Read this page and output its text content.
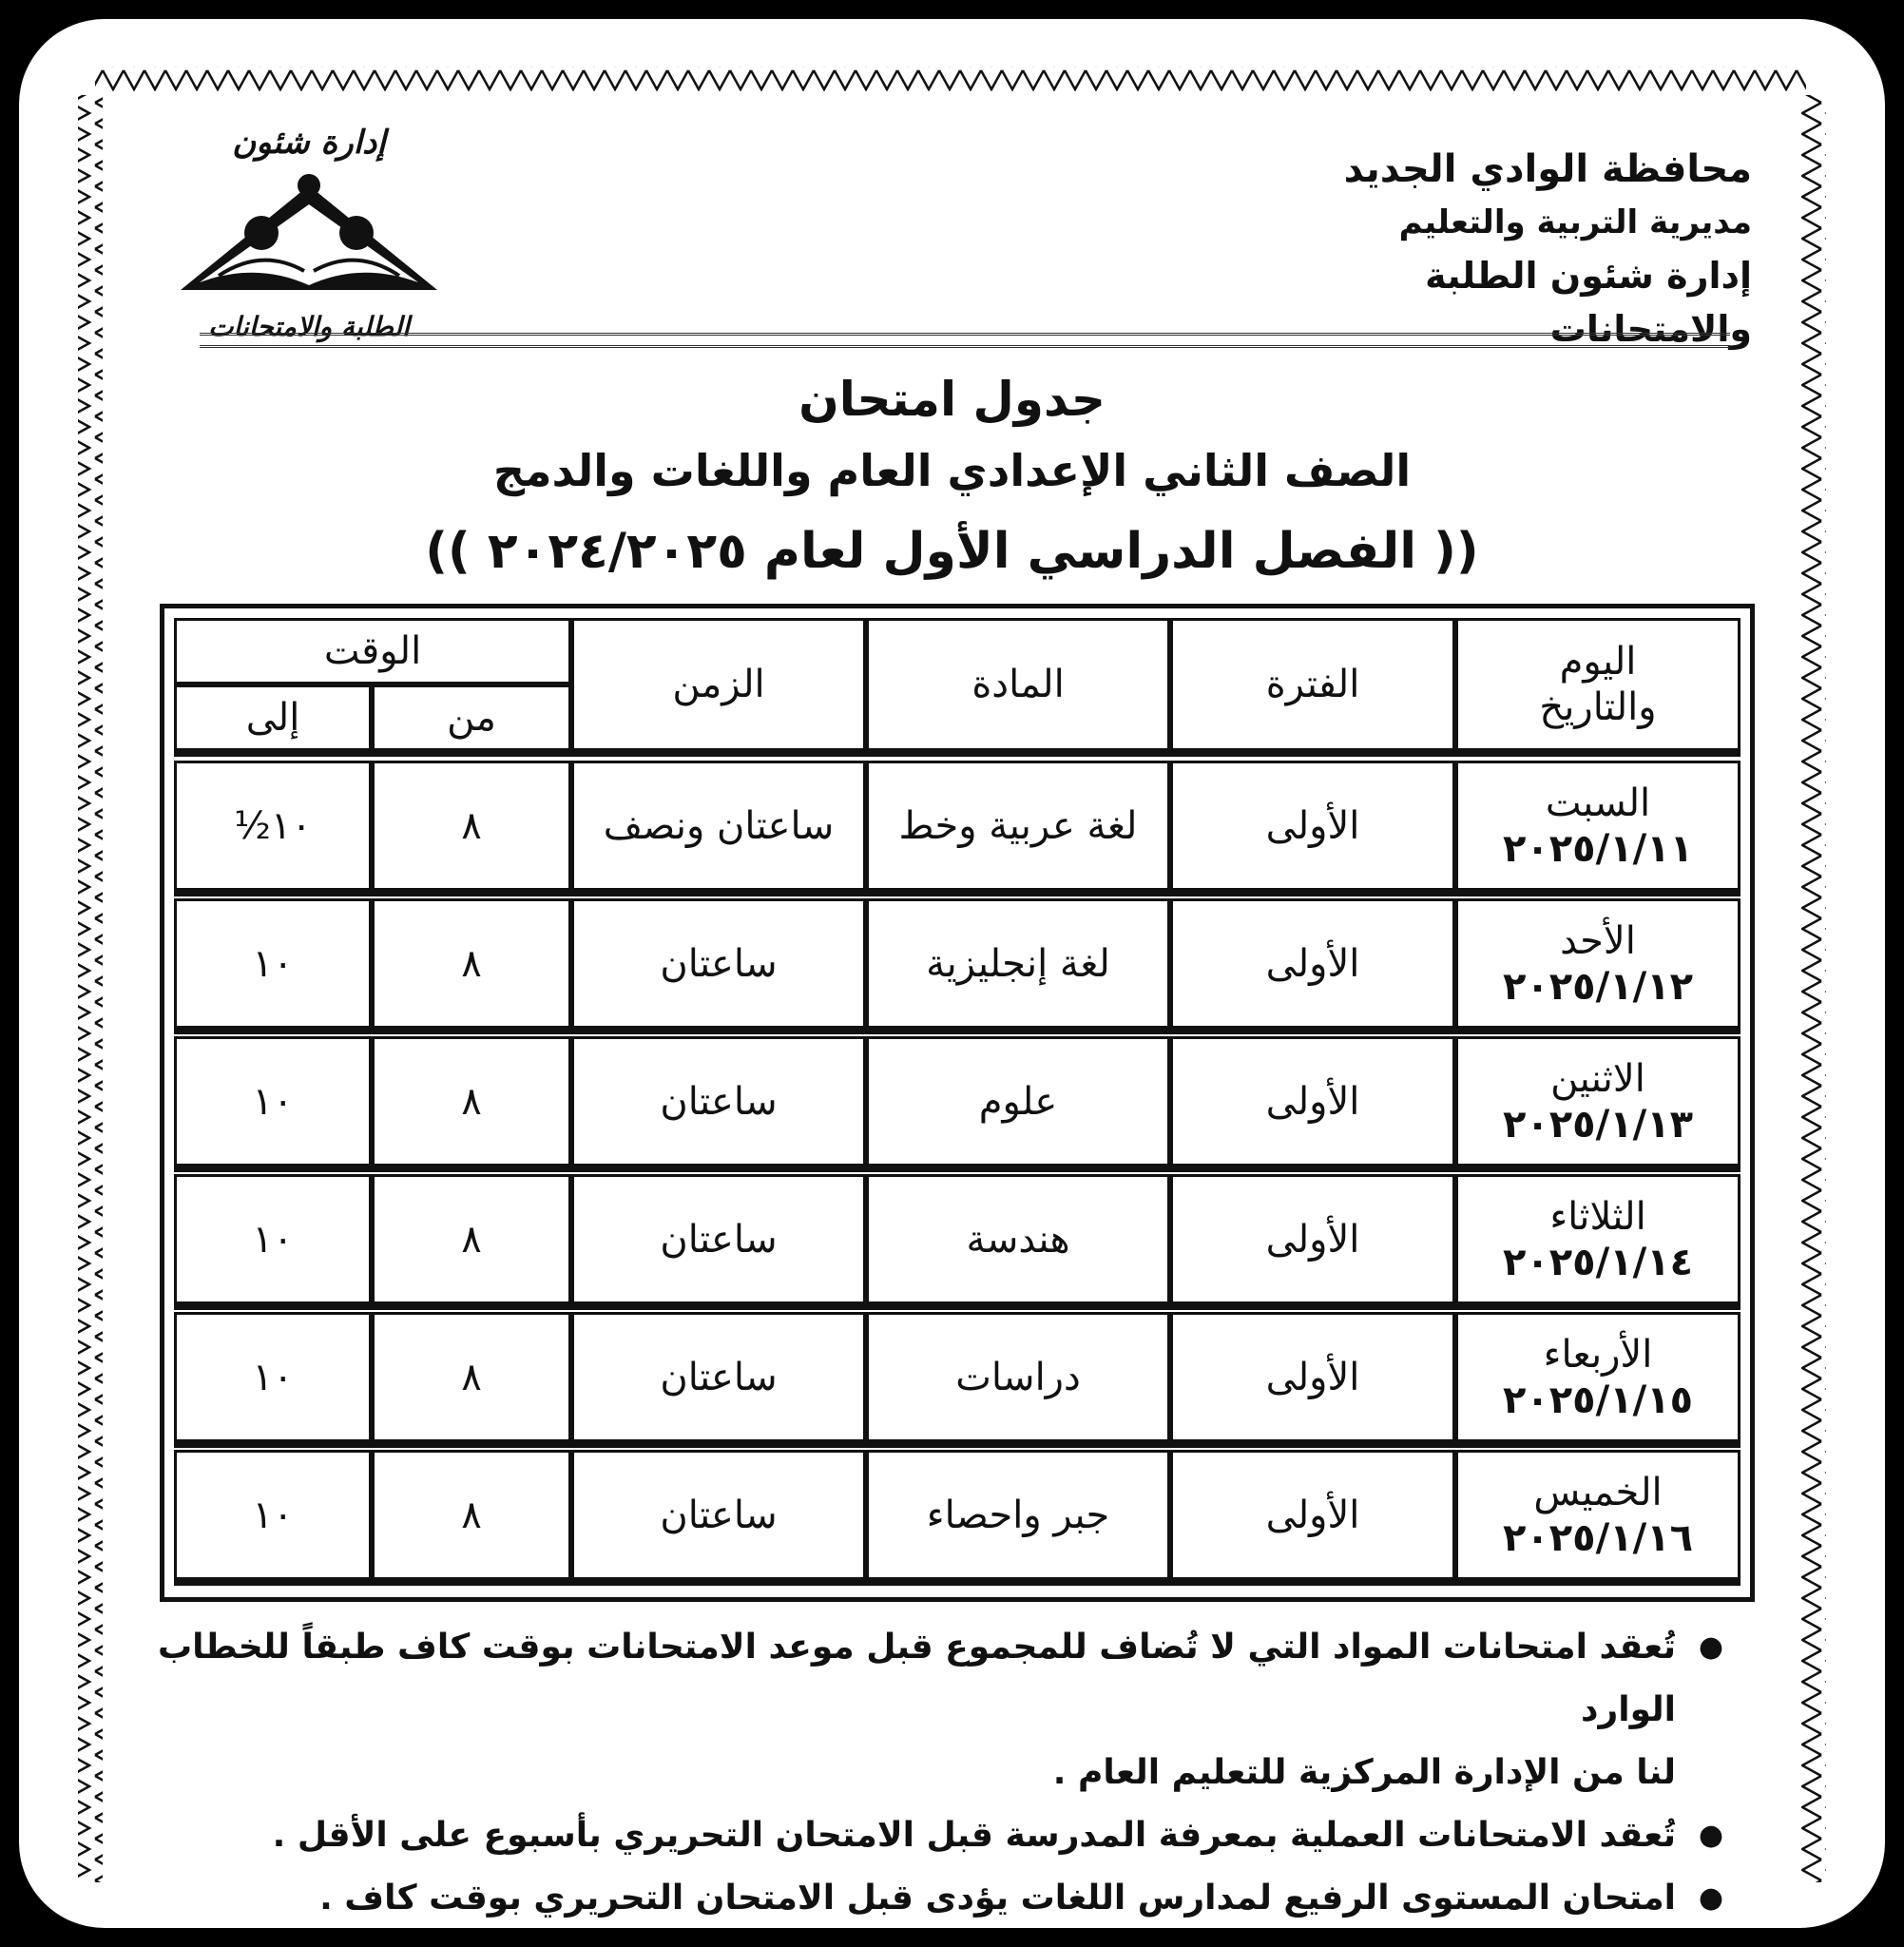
محافظة الوادي الجديد
مديرية التربية والتعليم
إدارة شئون الطلبة والامتحانات
إدارة شئون
الطلبة والامتحانات
جدول امتحان
الصف الثاني الإعدادي العام واللغات والدمج
(( الفصل الدراسي الأول لعام ٢٠٢٤/٢٠٢٥ ))
اليوم
والتاريخ
الفترة
المادة
الزمن
الوقت
من
إلى
السبت
٢٠٢٥/١/١١
الأولى
لغة عربية وخط
ساعتان ونصف
٨
١٠½
الأحد
٢٠٢٥/١/١٢
الأولى
لغة إنجليزية
ساعتان
٨
١٠
الاثنين
٢٠٢٥/١/١٣
الأولى
علوم
ساعتان
٨
١٠
الثلاثاء
٢٠٢٥/١/١٤
الأولى
هندسة
ساعتان
٨
١٠
الأربعاء
٢٠٢٥/١/١٥
الأولى
دراسات
ساعتان
٨
١٠
الخميس
٢٠٢٥/١/١٦
الأولى
جبر واحصاء
ساعتان
٨
١٠
●
تُعقد امتحانات المواد التي لا تُضاف للمجموع قبل موعد الامتحانات بوقت كاف طبقاً للخطاب الوارد
لنا من الإدارة المركزية للتعليم العام .
●
تُعقد الامتحانات العملية بمعرفة المدرسة قبل الامتحان التحريري بأسبوع على الأقل .
●
امتحان المستوى الرفيع لمدارس اللغات يؤدى قبل الامتحان التحريري بوقت كاف .
